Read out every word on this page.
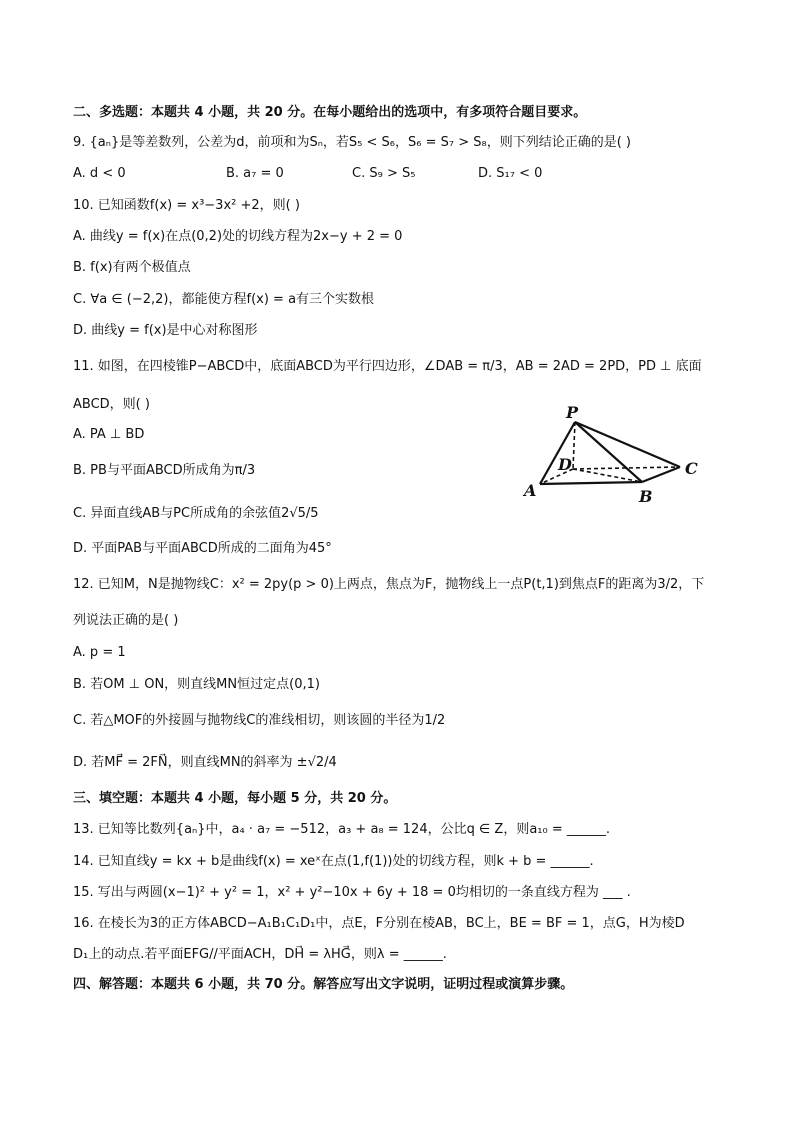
二、多选题：本题共 4 小题，共 20 分。在每小题给出的选项中，有多项符合题目要求。
9. {aₙ}是等差数列，公差为d，前项和为Sₙ，若S₅ < S₆，S₆ = S₇ > S₈，则下列结论正确的是( )
A. d < 0	B. a₇ = 0	C. S₉ > S₅	D. S₁₇ < 0
10. 已知函数f(x) = x³−3x² +2，则( )
A. 曲线y = f(x)在点(0,2)处的切线方程为2x−y + 2 = 0
B. f(x)有两个极值点
C. ∀a ∈ (−2,2)，都能使方程f(x) = a有三个实数根
D. 曲线y = f(x)是中心对称图形
11. 如图，在四棱锥P−ABCD中，底面ABCD为平行四边形，∠DAB = π/3，AB = 2AD = 2PD，PD ⊥ 底面
ABCD，则( )
A. PA ⊥ BD
B. PB与平面ABCD所成角为π/3
C. 异面直线AB与PC所成角的余弦值2√5/5
D. 平面PAB与平面ABCD所成的二面角为45°
P
D	C
A	B
12. 已知M，N是抛物线C：x² = 2py(p > 0)上两点，焦点为F，抛物线上一点P(t,1)到焦点F的距离为3/2，下
列说法正确的是( )
A. p = 1
B. 若OM ⊥ ON，则直线MN恒过定点(0,1)
C. 若△MOF的外接圆与抛物线C的准线相切，则该圆的半径为1/2
D. 若MF⃗ = 2FN⃗，则直线MN的斜率为 ±√2/4
三、填空题：本题共 4 小题，每小题 5 分，共 20 分。
13. 已知等比数列{aₙ}中，a₄ · a₇ = −512，a₃ + a₈ = 124，公比q ∈ Z，则a₁₀ = ______.
14. 已知直线y = kx + b是曲线f(x) = xeˣ在点(1,f(1))处的切线方程，则k + b = ______.
15. 写出与两圆(x−1)² + y² = 1，x² + y²−10x + 6y + 18 = 0均相切的一条直线方程为 ___ .
16. 在棱长为3的正方体ABCD−A₁B₁C₁D₁中，点E，F分别在棱AB，BC上，BE = BF = 1，点G，H为棱D
D₁上的动点.若平面EFG//平面ACH，DH⃗ = λHG⃗，则λ = ______.
四、解答题：本题共 6 小题，共 70 分。解答应写出文字说明，证明过程或演算步骤。
